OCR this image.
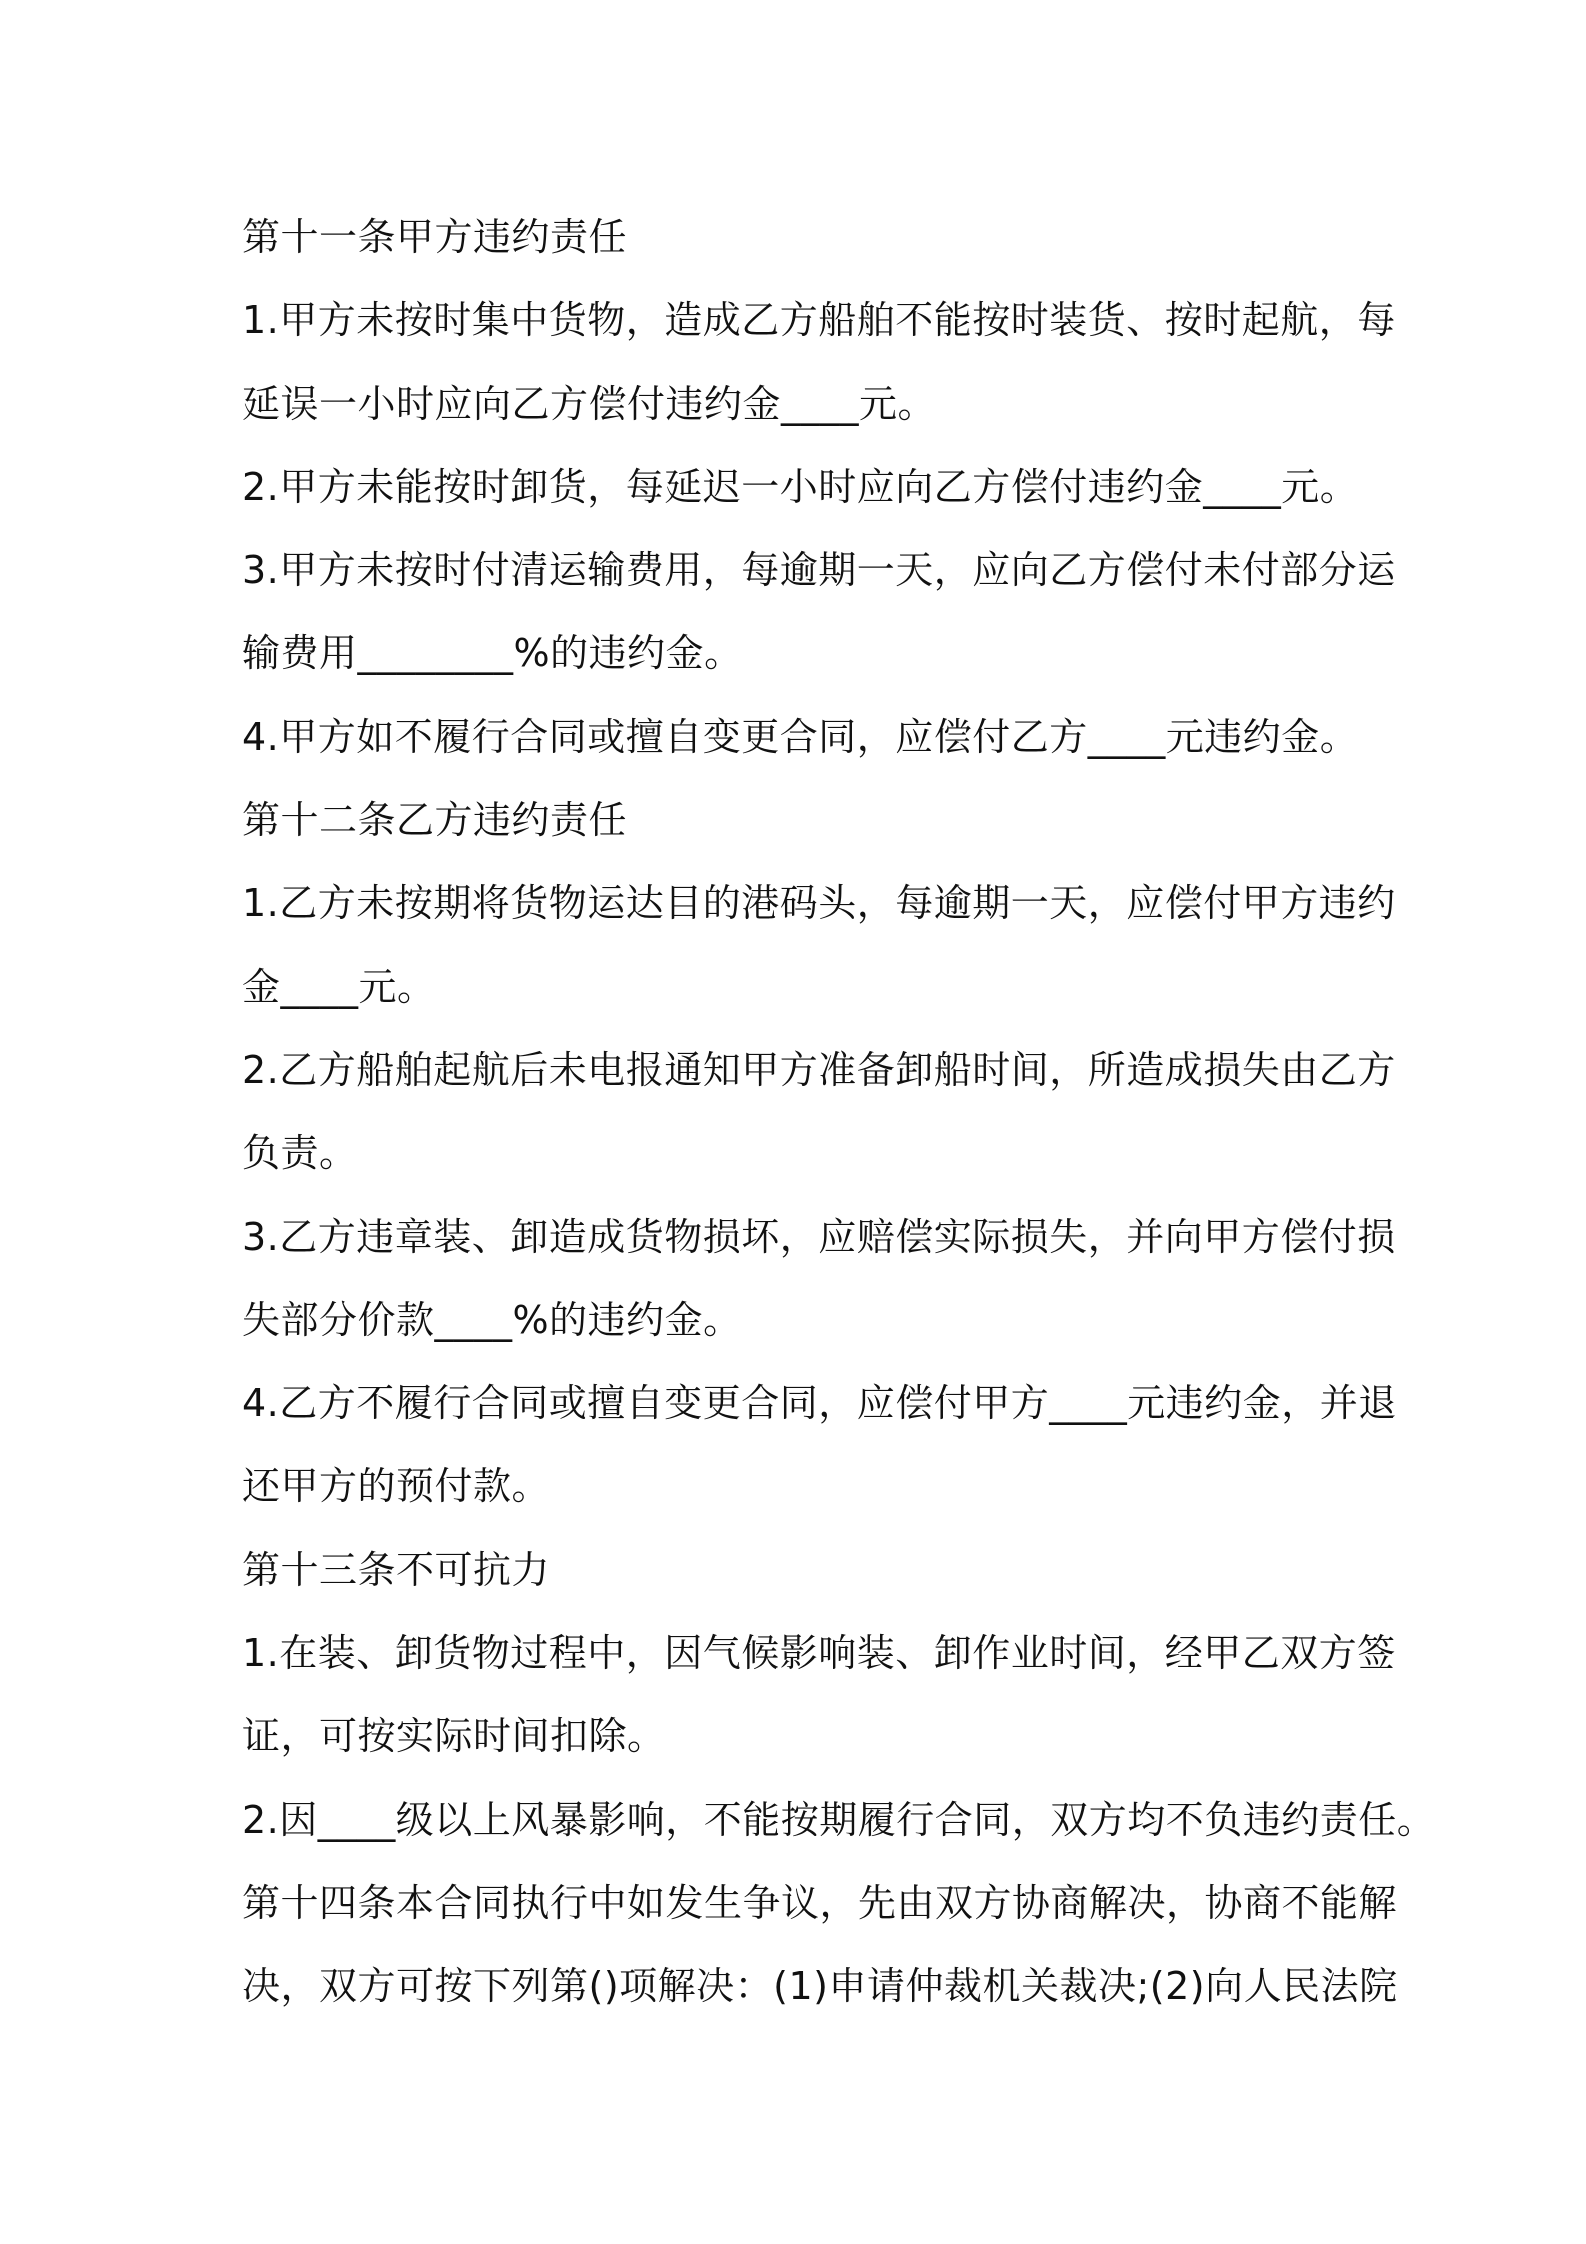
第十一条甲方违约责任
1.甲方未按时集中货物，造成乙方船舶不能按时装货、按时起航，每
延误一小时应向乙方偿付违约金____元。
2.甲方未能按时卸货，每延迟一小时应向乙方偿付违约金____元。
3.甲方未按时付清运输费用，每逾期一天，应向乙方偿付未付部分运
输费用________%的违约金。
4.甲方如不履行合同或擅自变更合同，应偿付乙方____元违约金。
第十二条乙方违约责任
1.乙方未按期将货物运达目的港码头，每逾期一天，应偿付甲方违约
金____元。
2.乙方船舶起航后未电报通知甲方准备卸船时间，所造成损失由乙方
负责。
3.乙方违章装、卸造成货物损坏，应赔偿实际损失，并向甲方偿付损
失部分价款____%的违约金。
4.乙方不履行合同或擅自变更合同，应偿付甲方____元违约金，并退
还甲方的预付款。
第十三条不可抗力
1.在装、卸货物过程中，因气候影响装、卸作业时间，经甲乙双方签
证，可按实际时间扣除。
2.因____级以上风暴影响，不能按期履行合同，双方均不负违约责任。
第十四条本合同执行中如发生争议，先由双方协商解决，协商不能解
决，双方可按下列第()项解决：(1)申请仲裁机关裁决;(2)向人民法院
